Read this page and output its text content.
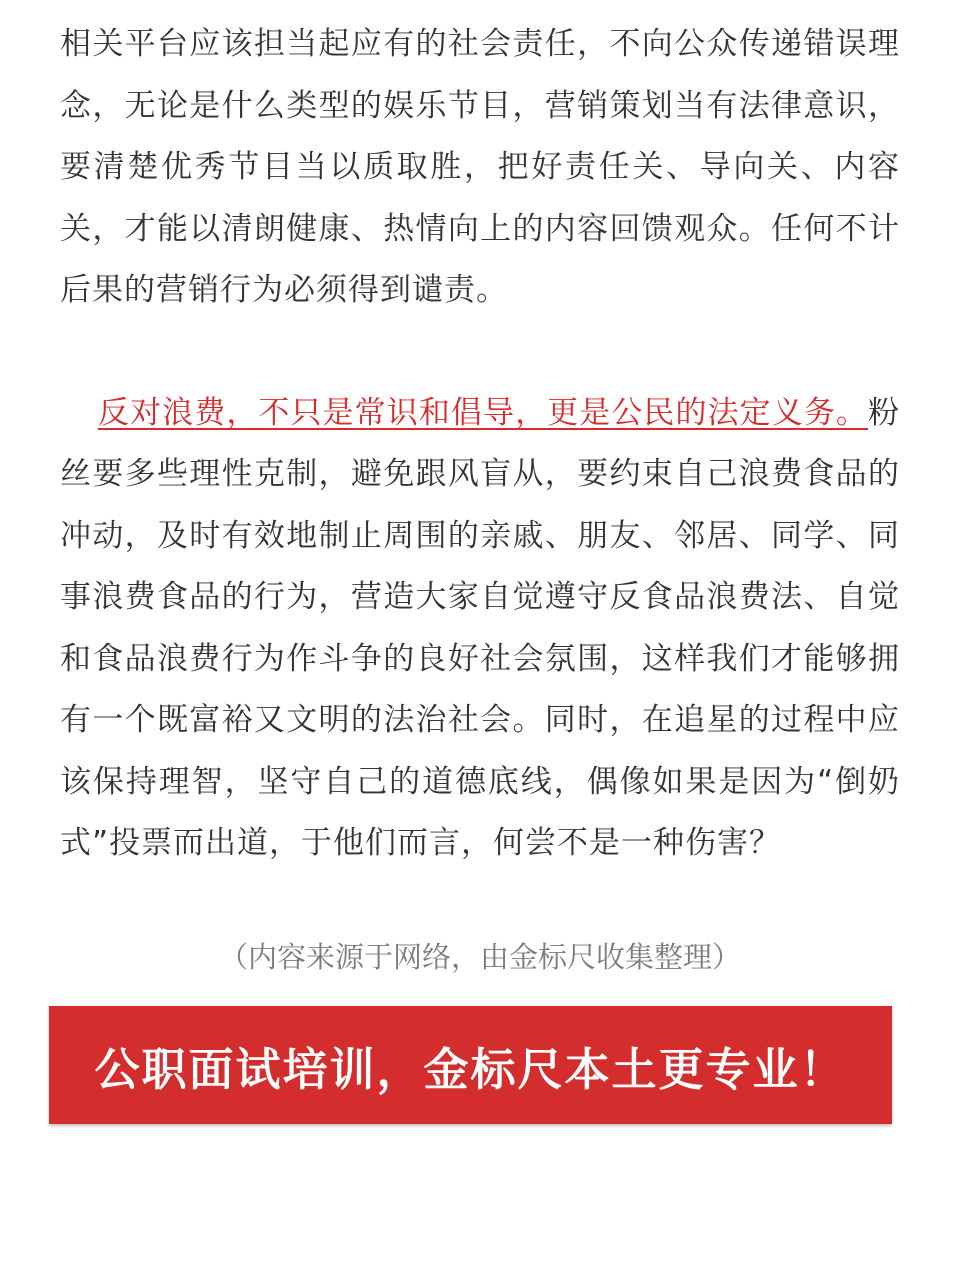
相关平台应该担当起应有的社会责任，不向公众传递错误理念，无论是什么类型的娱乐节目，营销策划当有法律意识，要清楚优秀节目当以质取胜，把好责任关、导向关、内容关，才能以清朗健康、热情向上的内容回馈观众。任何不计后果的营销行为必须得到谴责。

反对浪费，不只是常识和倡导，更是公民的法定义务。粉丝要多些理性克制，避免跟风盲从，要约束自己浪费食品的冲动，及时有效地制止周围的亲戚、朋友、邻居、同学、同事浪费食品的行为，营造大家自觉遵守反食品浪费法、自觉和食品浪费行为作斗争的良好社会氛围，这样我们才能够拥有一个既富裕又文明的法治社会。同时，在追星的过程中应该保持理智，坚守自己的道德底线，偶像如果是因为“倒奶式”投票而出道，于他们而言，何尝不是一种伤害？

（内容来源于网络，由金标尺收集整理）
公职面试培训，金标尺本土更专业！
